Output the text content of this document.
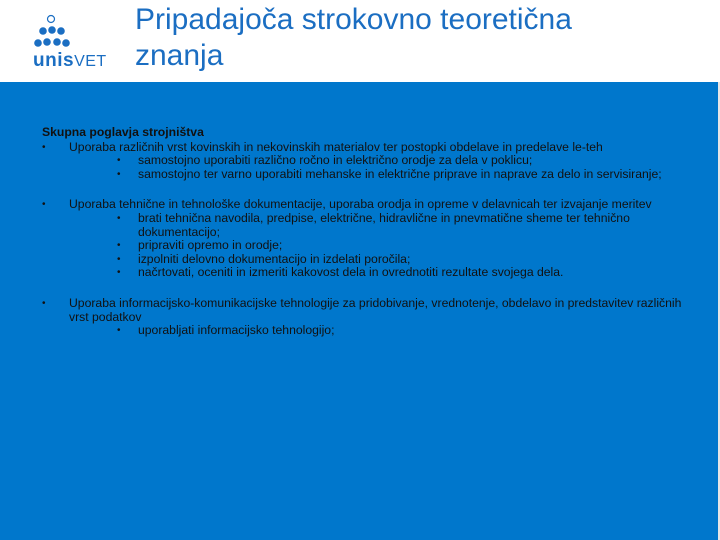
unisVET
Pripadajoča strokovno teoretična
znanja
Skupna poglavja strojništva
• Uporaba različnih vrst kovinskih in nekovinskih materialov ter postopki obdelave in predelave le-teh
• samostojno uporabiti različno ročno in električno orodje za dela v poklicu;
• samostojno ter varno uporabiti mehanske in električne priprave in naprave za delo in servisiranje;
• Uporaba tehnične in tehnološke dokumentacije, uporaba orodja in opreme v delavnicah ter izvajanje meritev
• brati tehnična navodila, predpise, električne, hidravlične in pnevmatične sheme ter tehnično dokumentacijo;
• pripraviti opremo in orodje;
• izpolniti delovno dokumentacijo in izdelati poročila;
• načrtovati, oceniti in izmeriti kakovost dela in ovrednotiti rezultate svojega dela.
• Uporaba informacijsko-komunikacijske tehnologije za pridobivanje, vrednotenje, obdelavo in predstavitev različnih vrst podatkov
• uporabljati informacijsko tehnologijo;
